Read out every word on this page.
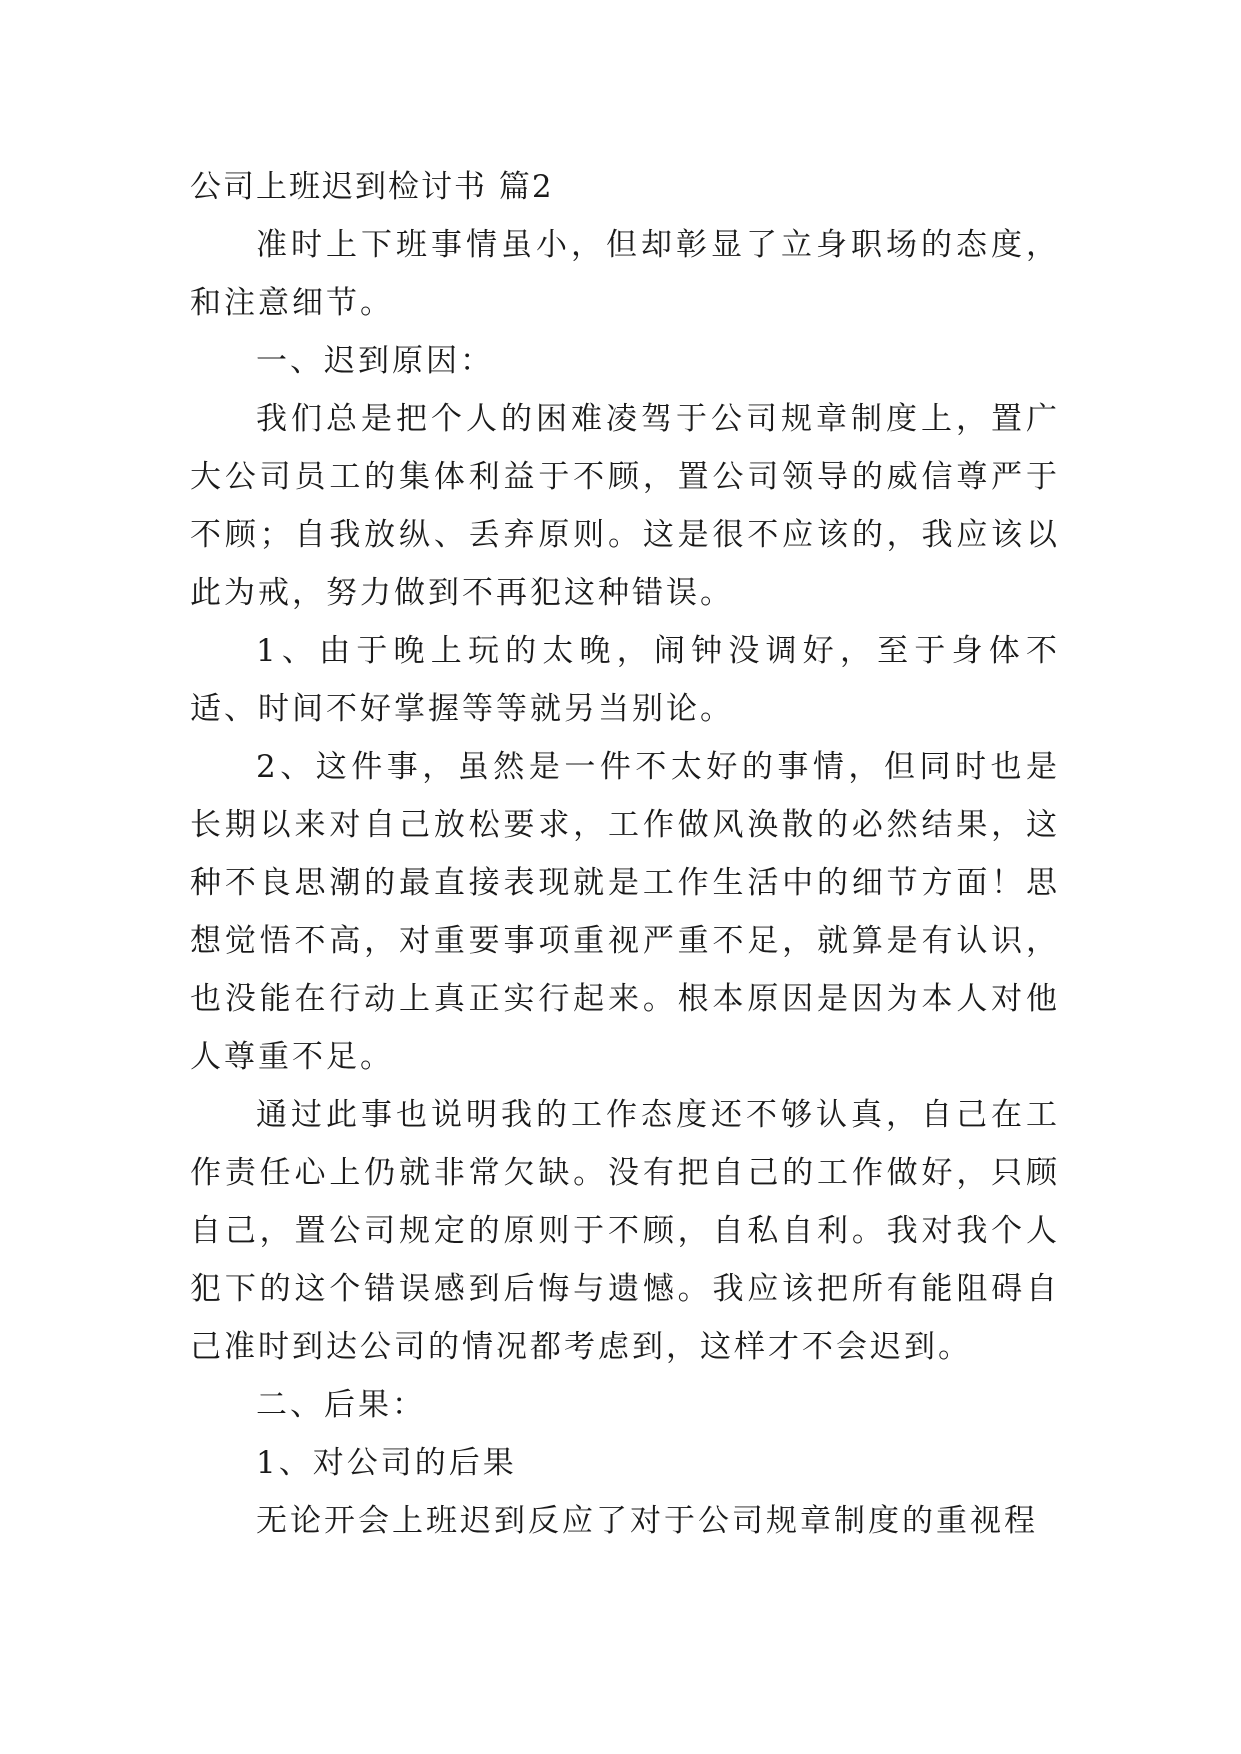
公司上班迟到检讨书 篇2

准时上下班事情虽小，但却彰显了立身职场的态度，和注意细节。

一、迟到原因：

我们总是把个人的困难凌驾于公司规章制度上，置广大公司员工的集体利益于不顾，置公司领导的威信尊严于不顾；自我放纵、丢弃原则。这是很不应该的，我应该以此为戒，努力做到不再犯这种错误。

1、由于晚上玩的太晚，闹钟没调好，至于身体不适、时间不好掌握等等就另当别论。

2、这件事，虽然是一件不太好的事情，但同时也是长期以来对自己放松要求，工作做风涣散的必然结果，这种不良思潮的最直接表现就是工作生活中的细节方面！思想觉悟不高，对重要事项重视严重不足，就算是有认识，也没能在行动上真正实行起来。根本原因是因为本人对他人尊重不足。

通过此事也说明我的工作态度还不够认真，自己在工作责任心上仍就非常欠缺。没有把自己的工作做好，只顾自己，置公司规定的原则于不顾，自私自利。我对我个人犯下的这个错误感到后悔与遗憾。我应该把所有能阻碍自己准时到达公司的情况都考虑到，这样才不会迟到。

二、后果：

1、对公司的后果

无论开会上班迟到反应了对于公司规章制度的重视程
